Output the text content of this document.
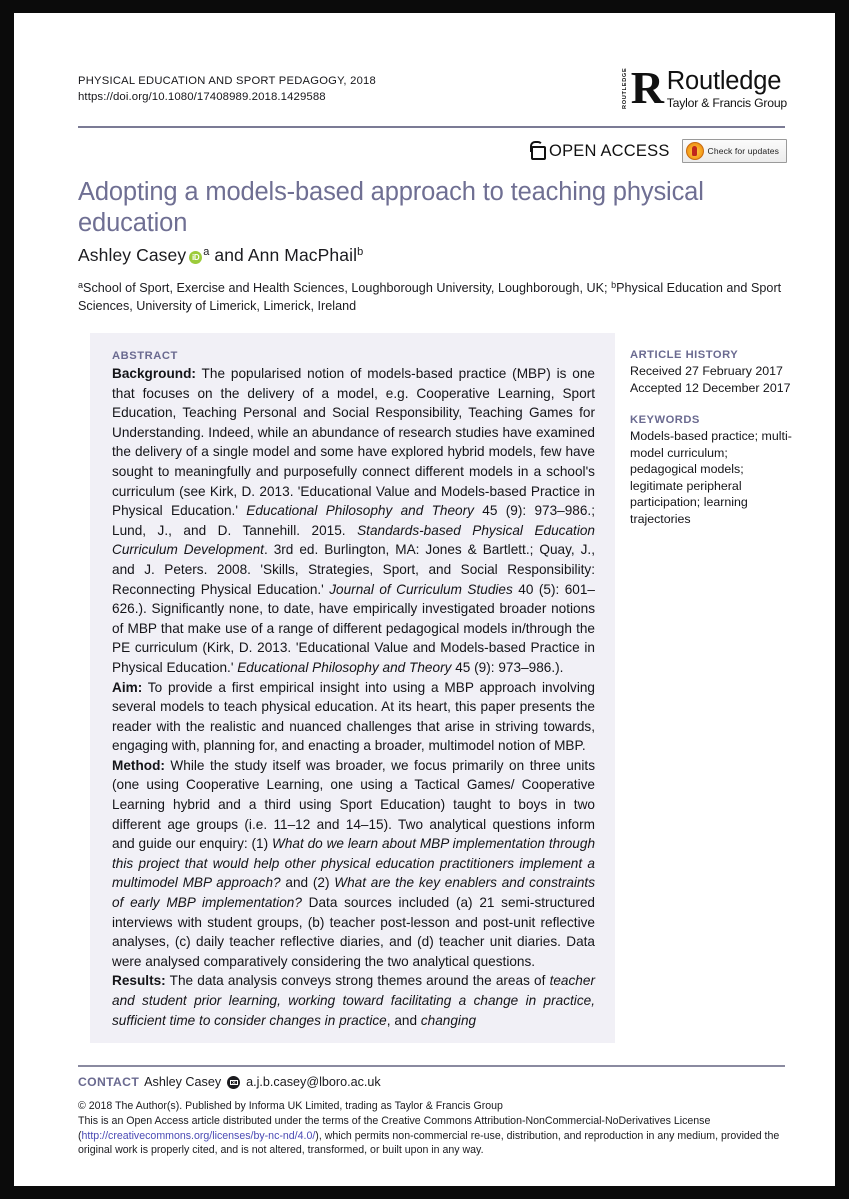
PHYSICAL EDUCATION AND SPORT PEDAGOGY, 2018
https://doi.org/10.1080/17408989.2018.1429588	ROUTLEDGE R Routledge
Taylor & Francis Group
OPEN ACCESS	Check for updates
Adopting a models-based approach to teaching physical education
Ashley Casey iD $^a$ and Ann MacPhail$^b$
$^a$School of Sport, Exercise and Health Sciences, Loughborough University, Loughborough, UK; $^b$Physical Education and Sport Sciences, University of Limerick, Limerick, Ireland
ABSTRACT

Background: The popularised notion of models-based practice (MBP) is one that focuses on the delivery of a model, e.g. Cooperative Learning, Sport Education, Teaching Personal and Social Responsibility, Teaching Games for Understanding. Indeed, while an abundance of research studies have examined the delivery of a single model and some have explored hybrid models, few have sought to meaningfully and purposefully connect different models in a school's curriculum (see Kirk, D. 2013. 'Educational Value and Models-based Practice in Physical Education.' Educational Philosophy and Theory 45 (9): 973–986.; Lund, J., and D. Tannehill. 2015. Standards-based Physical Education Curriculum Development. 3rd ed. Burlington, MA: Jones & Bartlett.; Quay, J., and J. Peters. 2008. 'Skills, Strategies, Sport, and Social Responsibility: Reconnecting Physical Education.' Journal of Curriculum Studies 40 (5): 601–626.). Significantly none, to date, have empirically investigated broader notions of MBP that make use of a range of different pedagogical models in/through the PE curriculum (Kirk, D. 2013. 'Educational Value and Models-based Practice in Physical Education.' Educational Philosophy and Theory 45 (9): 973–986.).

Aim: To provide a first empirical insight into using a MBP approach involving several models to teach physical education. At its heart, this paper presents the reader with the realistic and nuanced challenges that arise in striving towards, engaging with, planning for, and enacting a broader, multimodel notion of MBP.

Method: While the study itself was broader, we focus primarily on three units (one using Cooperative Learning, one using a Tactical Games/ Cooperative Learning hybrid and a third using Sport Education) taught to boys in two different age groups (i.e. 11–12 and 14–15). Two analytical questions inform and guide our enquiry: (1) What do we learn about MBP implementation through this project that would help other physical education practitioners implement a multimodel MBP approach? and (2) What are the key enablers and constraints of early MBP implementation? Data sources included (a) 21 semi-structured interviews with student groups, (b) teacher post-lesson and post-unit reflective analyses, (c) daily teacher reflective diaries, and (d) teacher unit diaries. Data were analysed comparatively considering the two analytical questions.

Results: The data analysis conveys strong themes around the areas of teacher and student prior learning, working toward facilitating a change in practice, sufficient time to consider changes in practice, and changing

ARTICLE HISTORY
Received 27 February 2017
Accepted 12 December 2017
KEYWORDS
Models-based practice; multi-model curriculum; pedagogical models; legitimate peripheral participation; learning trajectories
CONTACT Ashley Casey a.j.b.casey@lboro.ac.uk
© 2018 The Author(s). Published by Informa UK Limited, trading as Taylor & Francis Group
This is an Open Access article distributed under the terms of the Creative Commons Attribution-NonCommercial-NoDerivatives License (http://creativecommons.org/licenses/by-nc-nd/4.0/), which permits non-commercial re-use, distribution, and reproduction in any medium, provided the original work is properly cited, and is not altered, transformed, or built upon in any way.
